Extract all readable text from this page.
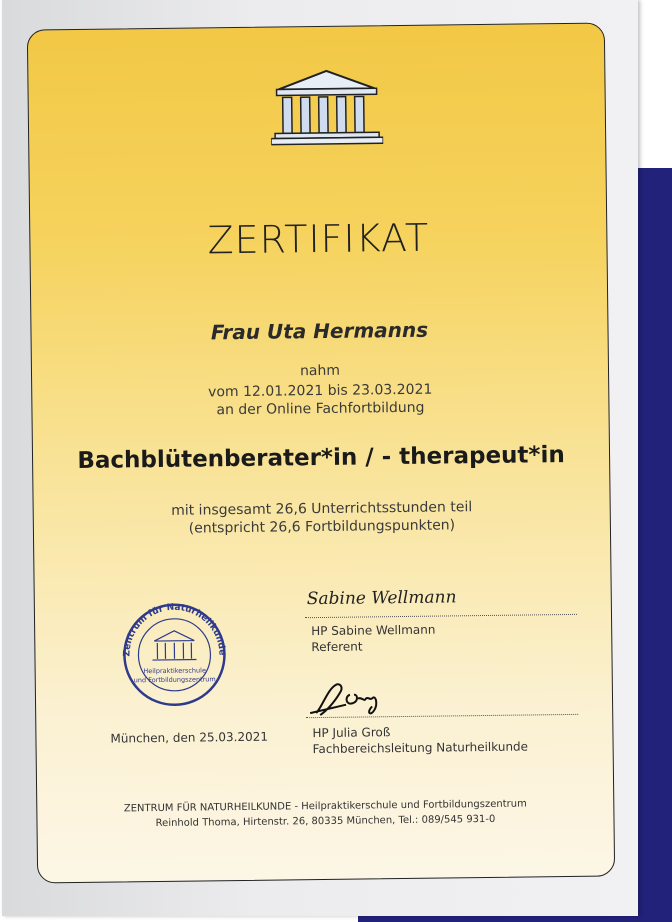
ZERTIFIKAT
Frau Uta Hermanns
nahm
vom 12.01.2021 bis 23.03.2021
an der Online Fachfortbildung
Bachblütenberater*in / - therapeut*in
mit insgesamt 26,6 Unterrichtsstunden teil
(entspricht 26,6 Fortbildungspunkten)
Zentrum für Naturheilkunde
Heilpraktikerschule
und Fortbildungszentrum
Sabine Wellmann
HP Sabine Wellmann
Referent
HP Julia Groß
Fachbereichsleitung Naturheilkunde
München, den 25.03.2021
ZENTRUM FÜR NATURHEILKUNDE - Heilpraktikerschule und Fortbildungszentrum
Reinhold Thoma, Hirtenstr. 26, 80335 München, Tel.: 089/545 931-0
